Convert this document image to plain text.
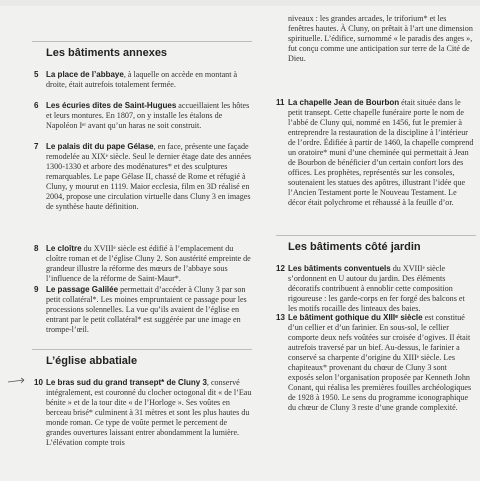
Les bâtiments annexes
5 La place de l’abbaye, à laquelle on accède en montant à droite, était autrefois totalement fermée.
6 Les écuries dites de Saint-Hugues accueillaient les hôtes et leurs montures. En 1807, on y installe les étalons de Napoléon Iᵉʳ avant qu’un haras ne soit construit.
7 Le palais dit du pape Gélase, en face, présente une façade remodelée au XIXᵉ siècle. Seul le dernier étage date des années 1300-1330 et arbore des modénatures* et des sculptures remarquables. Le pape Gélase II, chassé de Rome et réfugié à Cluny, y mourut en 1119. Maior ecclesia, film en 3D réalisé en 2004, propose une circulation virtuelle dans Cluny 3 en images de synthèse haute définition.
8 Le cloître du XVIIIᵉ siècle est édifié à l’emplacement du cloître roman et de l’église Cluny 2. Son austérité empreinte de grandeur illustre la réforme des mœurs de l’abbaye sous l’influence de la réforme de Saint-Maur*.
9 Le passage Galilée permettait d’accéder à Cluny 3 par son petit collatéral*. Les moines empruntaient ce passage pour les processions solennelles. La vue qu’ils avaient de l’église en entrant par le petit collatéral* est suggérée par une image en trompe-l’œil.
L’église abbatiale
10 Le bras sud du grand transept* de Cluny 3, conservé intégralement, est couronné du clocher octogonal dit « de l’Eau bénite » et de la tour dite « de l’Horloge ». Ses voûtes en berceau brisé* culminent à 31 mètres et sont les plus hautes du monde roman. Ce type de voûte permet le percement de grandes ouvertures laissant entrer abondamment la lumière. L’élévation compte trois
niveaux : les grandes arcades, le triforium* et les fenêtres hautes. À Cluny, on prêtait à l’art une dimension spirituelle. L’édifice, surnommé « le paradis des anges », fut conçu comme une anticipation sur terre de la Cité de Dieu.
11 La chapelle Jean de Bourbon était située dans le petit transept. Cette chapelle funéraire porte le nom de l’abbé de Cluny qui, nommé en 1456, fut le premier à entreprendre la restauration de la discipline à l’intérieur de l’ordre. Édifiée à partir de 1460, la chapelle comprend un oratoire* muni d’une cheminée qui permettait à Jean de Bourbon de bénéficier d’un certain confort lors des offices. Les prophètes, représentés sur les consoles, soutenaient les statues des apôtres, illustrant l’idée que l’Ancien Testament porte le Nouveau Testament. Le décor était polychrome et réhaussé à la feuille d’or.
Les bâtiments côté jardin
12 Les bâtiments conventuels du XVIIIᵉ siècle s’ordonnent en U autour du jardin. Des éléments décoratifs contribuent à ennoblir cette composition rigoureuse : les garde-corps en fer forgé des balcons et les motifs rocaille des linteaux des baies.
13 Le bâtiment gothique du XIIIᵉ siècle est constitué d’un cellier et d’un farinier. En sous-sol, le cellier comporte deux nefs voûtées sur croisée d’ogives. Il était autrefois traversé par un bief. Au-dessus, le farinier a conservé sa charpente d’origine du XIIIᵉ siècle. Les chapiteaux* provenant du chœur de Cluny 3 sont exposés selon l’organisation proposée par Kenneth John Conant, qui réalisa les premières fouilles archéologiques de 1928 à 1950. Le sens du programme iconographique du chœur de Cluny 3 reste d’une grande complexité.
